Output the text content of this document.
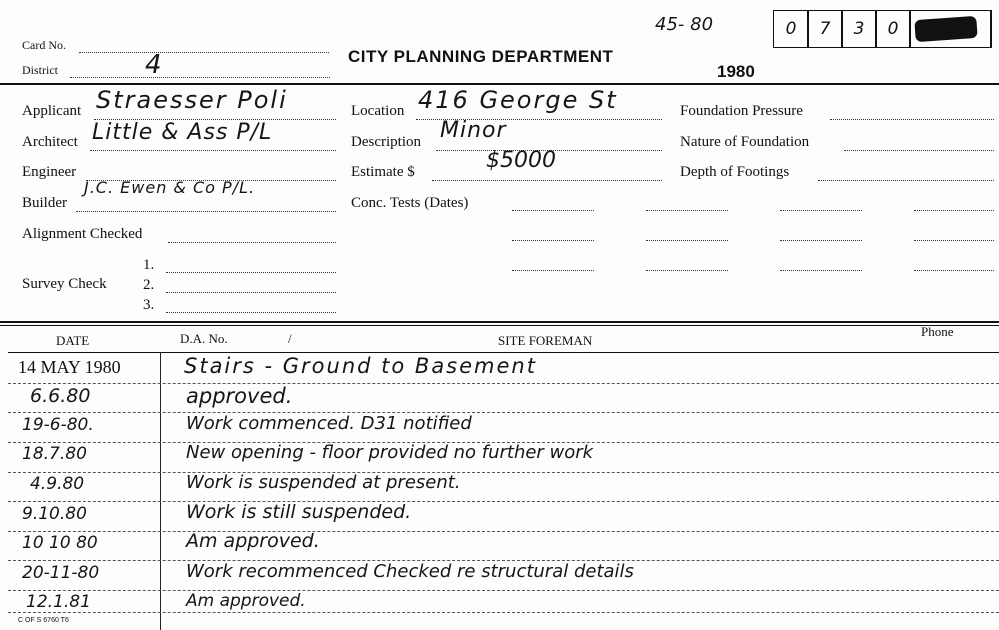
45- 80	0	7	3	0
Card No.
District	4	CITY PLANNING DEPARTMENT
1980
Applicant Straesser Poli
Architect Little & Ass P/L
Engineer
Builder
J.C. Ewen & Co P/L.
Alignment Checked
Survey Check
1.
2.
3.
Location 416 George St
Description Minor
Estimate $	$5000
Conc. Tests (Dates)
Foundation Pressure
Nature of Foundation
Depth of Footings
DATE	D.A. No.	/	SITE FOREMAN
Phone
14 MAY 1980	Stairs - Ground to Basement
6.6.80	approved.
19-6-80.	Work commenced. D31 notified
18.7.80	New opening - floor provided no further work
4.9.80	Work is suspended at present.
9.10.80	Work is still suspended.
10 10 80	Am approved.
20-11-80	Work recommenced Checked re structural details
12.1.81	Am approved.
C OF S 6760 T6
